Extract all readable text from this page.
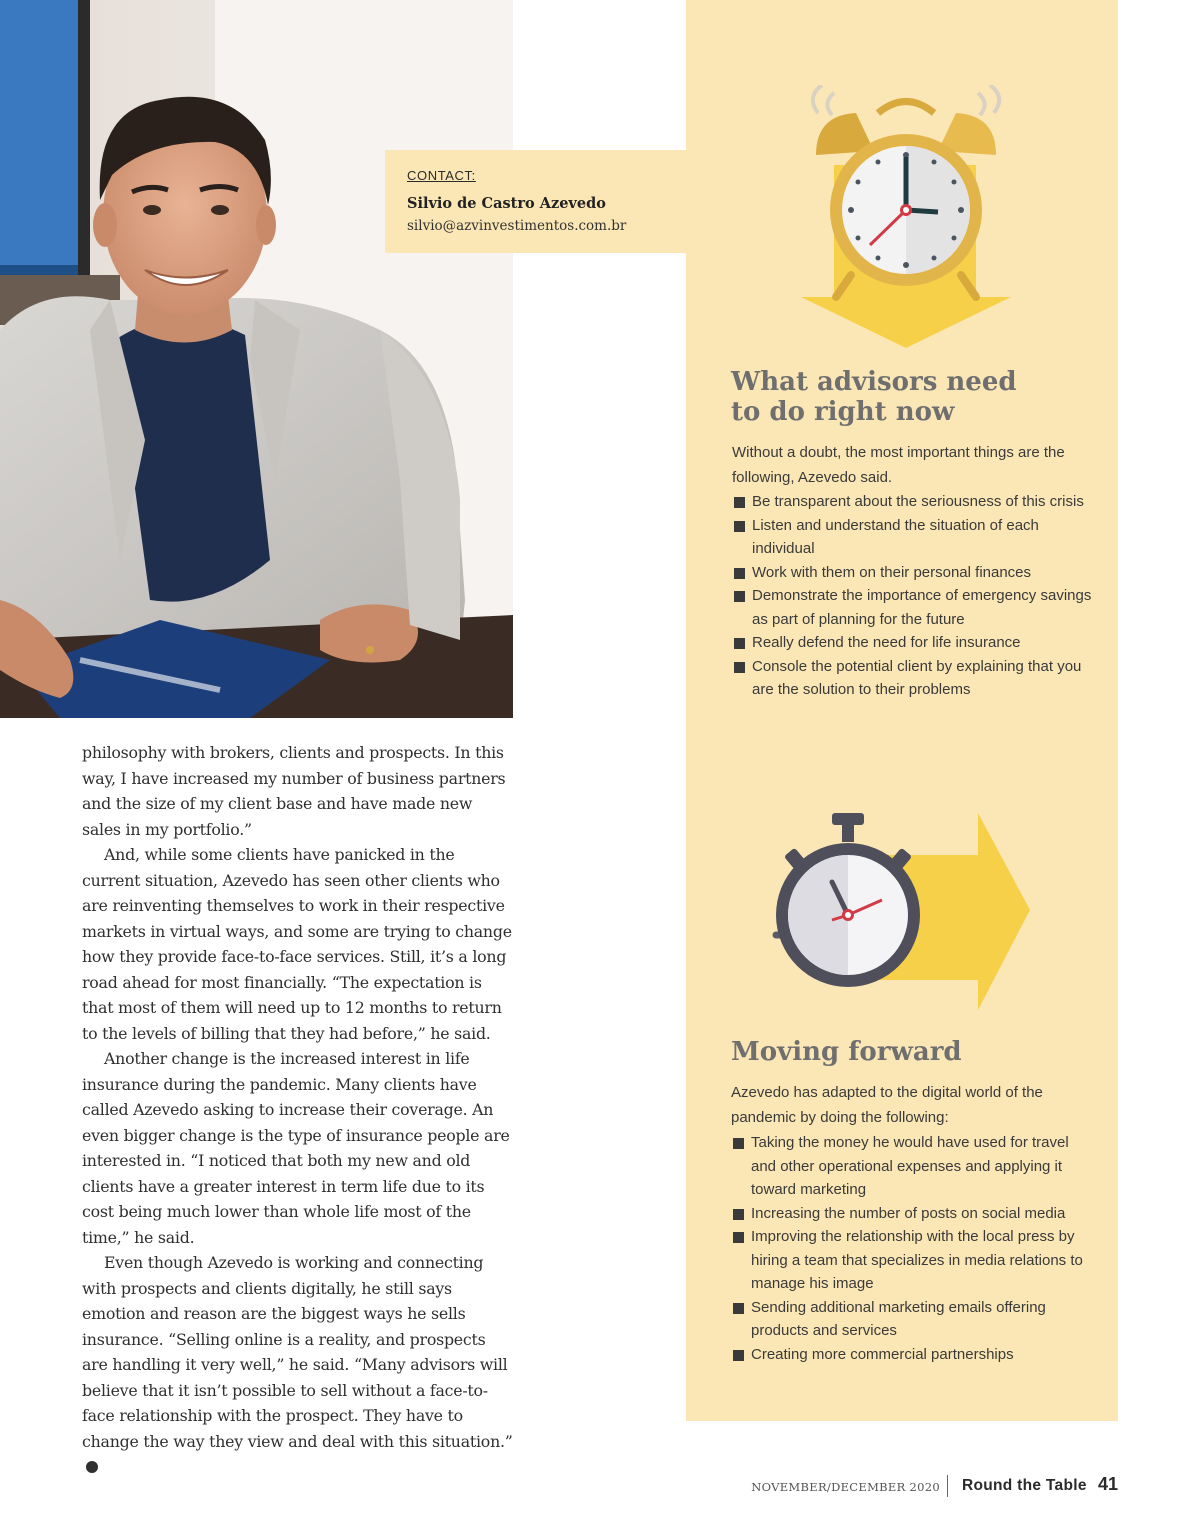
CONTACT:
Silvio de Castro Azevedo
silvio@azvinvestimentos.com.br
What advisors need
to do right now

Without a doubt, the most important things are the following, Azevedo said.

Be transparent about the seriousness of this crisis
Listen and understand the situation of each individual
Work with them on their personal finances
Demonstrate the importance of emergency savings as part of planning for the future
Really defend the need for life insurance
Console the potential client by explaining that you are the solution to their problems
Moving forward

Azevedo has adapted to the digital world of the pandemic by doing the following:

Taking the money he would have used for travel and other operational expenses and applying it toward marketing
Increasing the number of posts on social media
Improving the relationship with the local press by hiring a team that specializes in media relations to manage his image
Sending additional marketing emails offering products and services
Creating more commercial partnerships

philosophy with brokers, clients and prospects. In this way, I have increased my number of business partners and the size of my client base and have made new sales in my portfolio.”

And, while some clients have panicked in the current situation, Azevedo has seen other clients who are reinventing themselves to work in their respective markets in virtual ways, and some are trying to change how they provide face-to-face services. Still, it’s a long road ahead for most financially. “The expectation is that most of them will need up to 12 months to return to the levels of billing that they had before,” he said.

Another change is the increased interest in life insurance during the pandemic. Many clients have called Azevedo asking to increase their coverage. An even bigger change is the type of insurance people are interested in. “I noticed that both my new and old clients have a greater interest in term life due to its cost being much lower than whole life most of the time,” he said.

Even though Azevedo is working and connecting with prospects and clients digitally, he still says emotion and reason are the biggest ways he sells insurance. “Selling online is a reality, and prospects are handling it very well,” he said. “Many advisors will believe that it isn’t possible to sell without a face-to-face relationship with the prospect. They have to change the way they view and deal with this situation.”

NOVEMBER/DECEMBER 2020 Round the Table 41
